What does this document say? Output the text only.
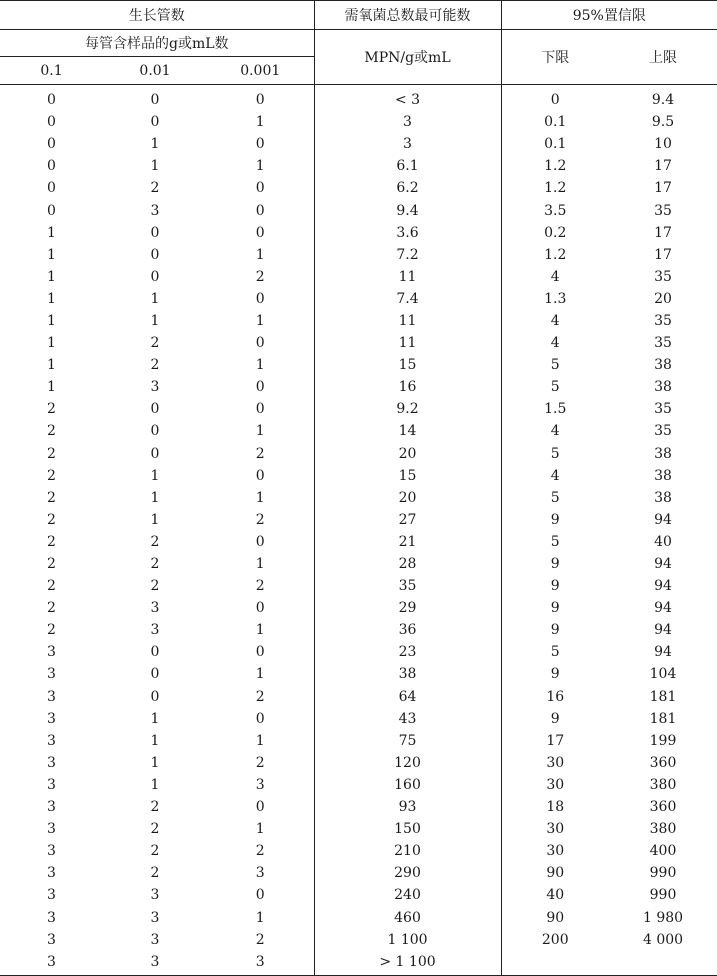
生长管数			需氧菌总数最可能数	95%置信限	
每管含样品的g或mL数			MPN/g或mL	下限	上限
0.1	0.01	0.001			
0	0	0	< 3	0	9.4
0	0	1	3	0.1	9.5
0	1	0	3	0.1	10
0	1	1	6.1	1.2	17
0	2	0	6.2	1.2	17
0	3	0	9.4	3.5	35
1	0	0	3.6	0.2	17
1	0	1	7.2	1.2	17
1	0	2	11	4	35
1	1	0	7.4	1.3	20
1	1	1	11	4	35
1	2	0	11	4	35
1	2	1	15	5	38
1	3	0	16	5	38
2	0	0	9.2	1.5	35
2	0	1	14	4	35
2	0	2	20	5	38
2	1	0	15	4	38
2	1	1	20	5	38
2	1	2	27	9	94
2	2	0	21	5	40
2	2	1	28	9	94
2	2	2	35	9	94
2	3	0	29	9	94
2	3	1	36	9	94
3	0	0	23	5	94
3	0	1	38	9	104
3	0	2	64	16	181
3	1	0	43	9	181
3	1	1	75	17	199
3	1	2	120	30	360
3	1	3	160	30	380
3	2	0	93	18	360
3	2	1	150	30	380
3	2	2	210	30	400
3	2	3	290	90	990
3	3	0	240	40	990
3	3	1	460	90	1 980
3	3	2	1 100	200	4 000
3	3	3	> 1 100		
